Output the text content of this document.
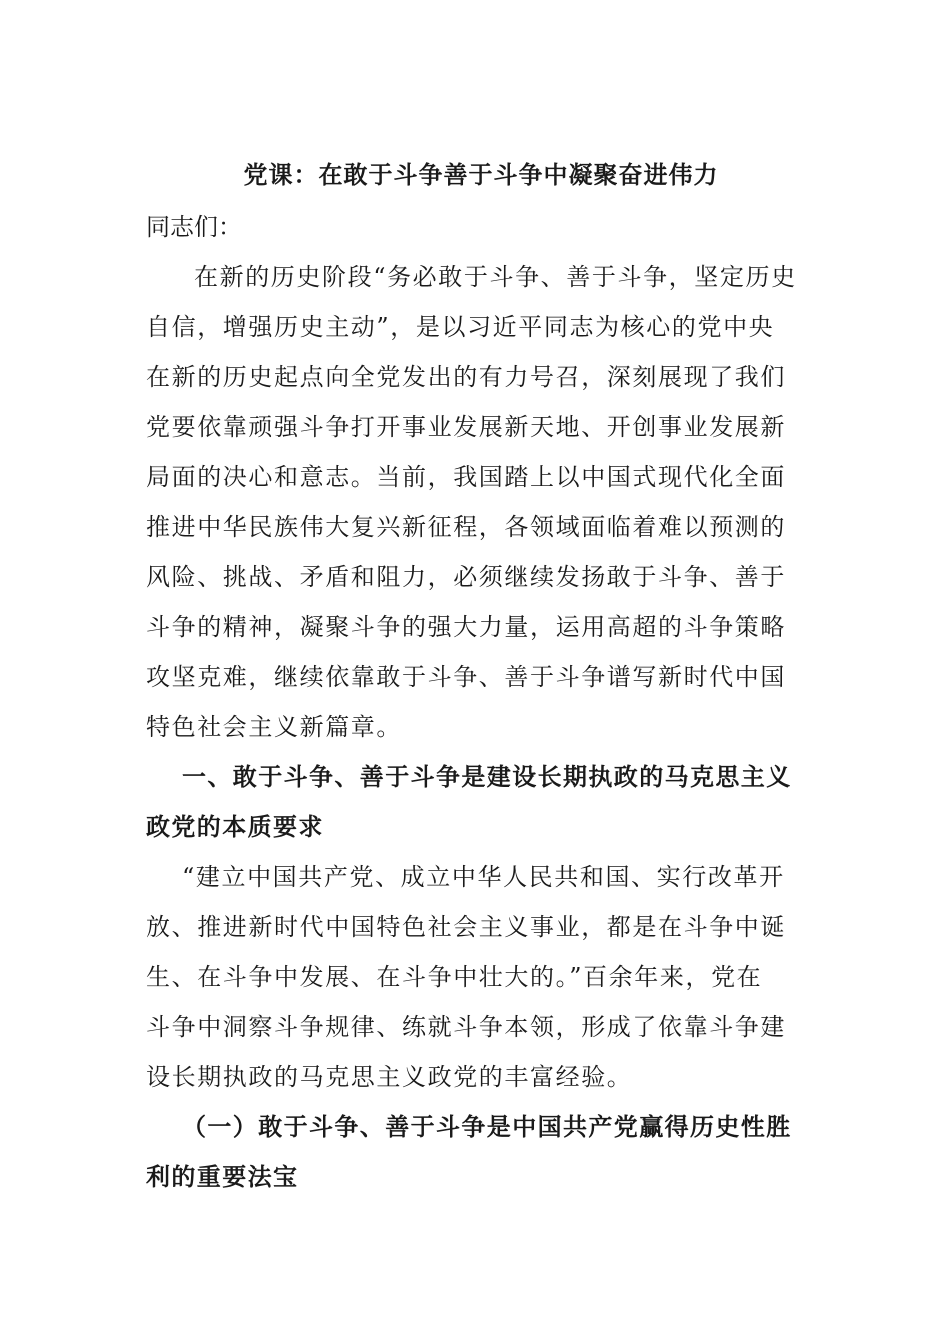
党课：在敢于斗争善于斗争中凝聚奋进伟力

同志们：

在新的历史阶段“务必敢于斗争、善于斗争，坚定历史
自信，增强历史主动”，是以习近平同志为核心的党中央
在新的历史起点向全党发出的有力号召，深刻展现了我们
党要依靠顽强斗争打开事业发展新天地、开创事业发展新
局面的决心和意志。当前，我国踏上以中国式现代化全面
推进中华民族伟大复兴新征程，各领域面临着难以预测的
风险、挑战、矛盾和阻力，必须继续发扬敢于斗争、善于
斗争的精神，凝聚斗争的强大力量，运用高超的斗争策略
攻坚克难，继续依靠敢于斗争、善于斗争谱写新时代中国
特色社会主义新篇章。

一、敢于斗争、善于斗争是建设长期执政的马克思主义
政党的本质要求

“建立中国共产党、成立中华人民共和国、实行改革开
放、推进新时代中国特色社会主义事业，都是在斗争中诞
生、在斗争中发展、在斗争中壮大的。”百余年来，党在
斗争中洞察斗争规律、练就斗争本领，形成了依靠斗争建
设长期执政的马克思主义政党的丰富经验。

（一）敢于斗争、善于斗争是中国共产党赢得历史性胜
利的重要法宝
